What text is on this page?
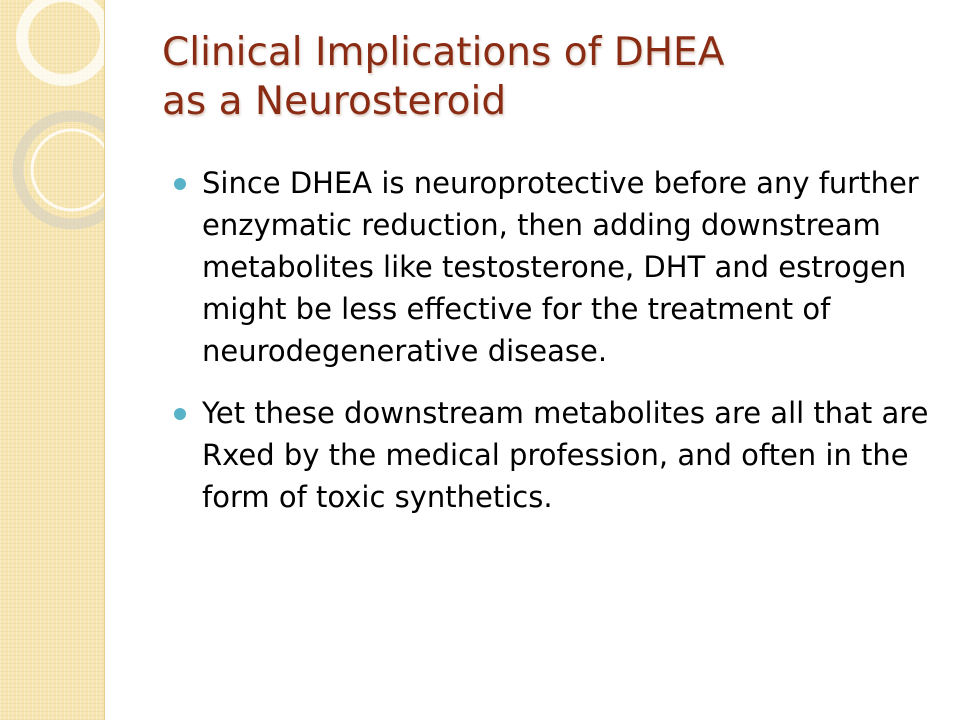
Clinical Implications of DHEA
as a Neurosteroid
Since DHEA is neuroprotective before any further enzymatic reduction, then adding downstream metabolites like testosterone, DHT and estrogen might be less effective for the treatment of neurodegenerative disease.
Yet these downstream metabolites are all that are Rxed by the medical profession, and often in the form of toxic synthetics.
